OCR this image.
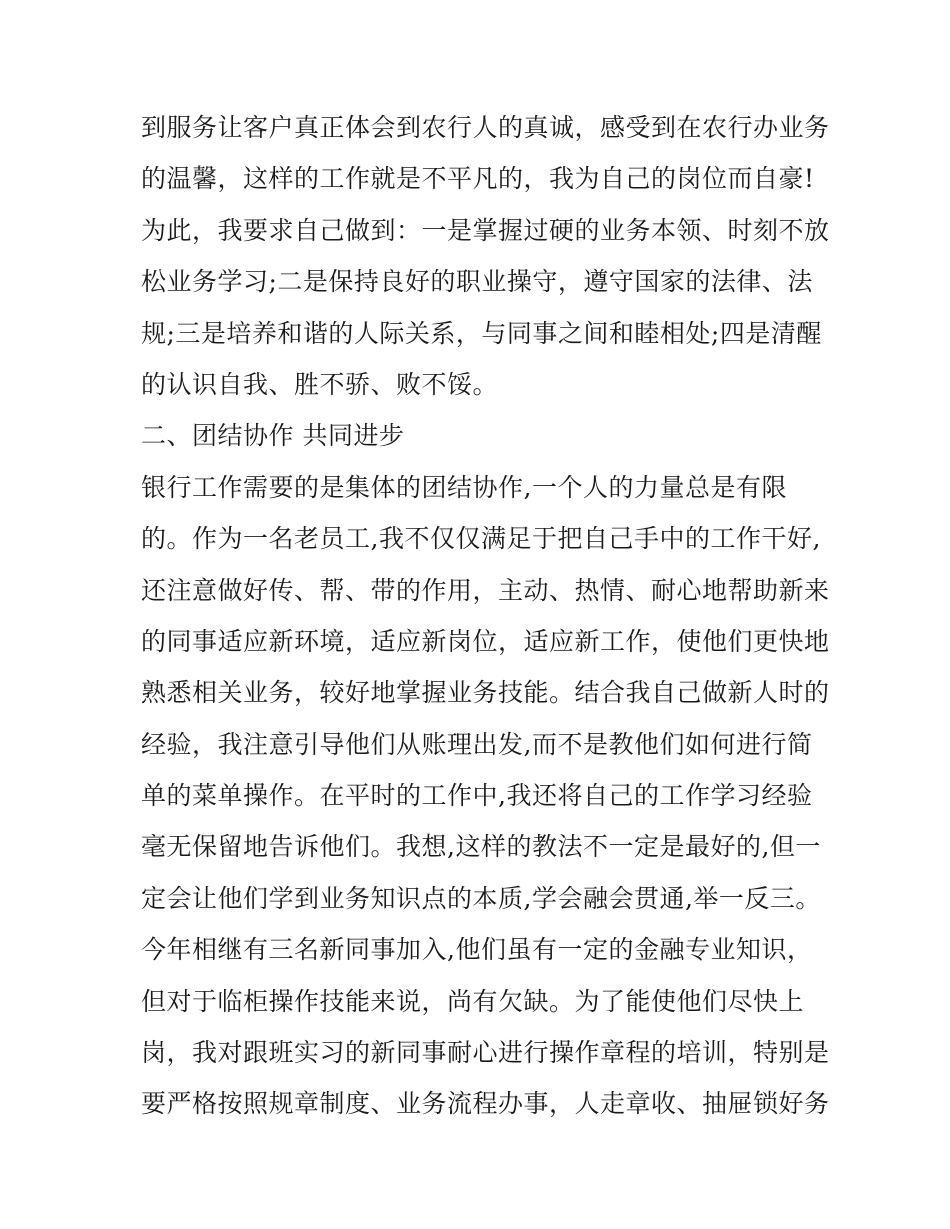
到服务让客户真正体会到农行人的真诚，感受到在农行办业务
的温馨，这样的工作就是不平凡的，我为自己的岗位而自豪!
为此，我要求自己做到：一是掌握过硬的业务本领、时刻不放
松业务学习;二是保持良好的职业操守，遵守国家的法律、法
规;三是培养和谐的人际关系，与同事之间和睦相处;四是清醒
的认识自我、胜不骄、败不馁。
二、团结协作 共同进步
银行工作需要的是集体的团结协作,一个人的力量总是有限
的。作为一名老员工,我不仅仅满足于把自己手中的工作干好,
还注意做好传、帮、带的作用，主动、热情、耐心地帮助新来
的同事适应新环境，适应新岗位，适应新工作，使他们更快地
熟悉相关业务，较好地掌握业务技能。结合我自己做新人时的
经验，我注意引导他们从账理出发,而不是教他们如何进行简
单的菜单操作。在平时的工作中,我还将自己的工作学习经验
毫无保留地告诉他们。我想,这样的教法不一定是最好的,但一
定会让他们学到业务知识点的本质,学会融会贯通,举一反三。
今年相继有三名新同事加入,他们虽有一定的金融专业知识，
但对于临柜操作技能来说，尚有欠缺。为了能使他们尽快上
岗，我对跟班实习的新同事耐心进行操作章程的培训，特别是
要严格按照规章制度、业务流程办事，人走章收、抽屉锁好务
